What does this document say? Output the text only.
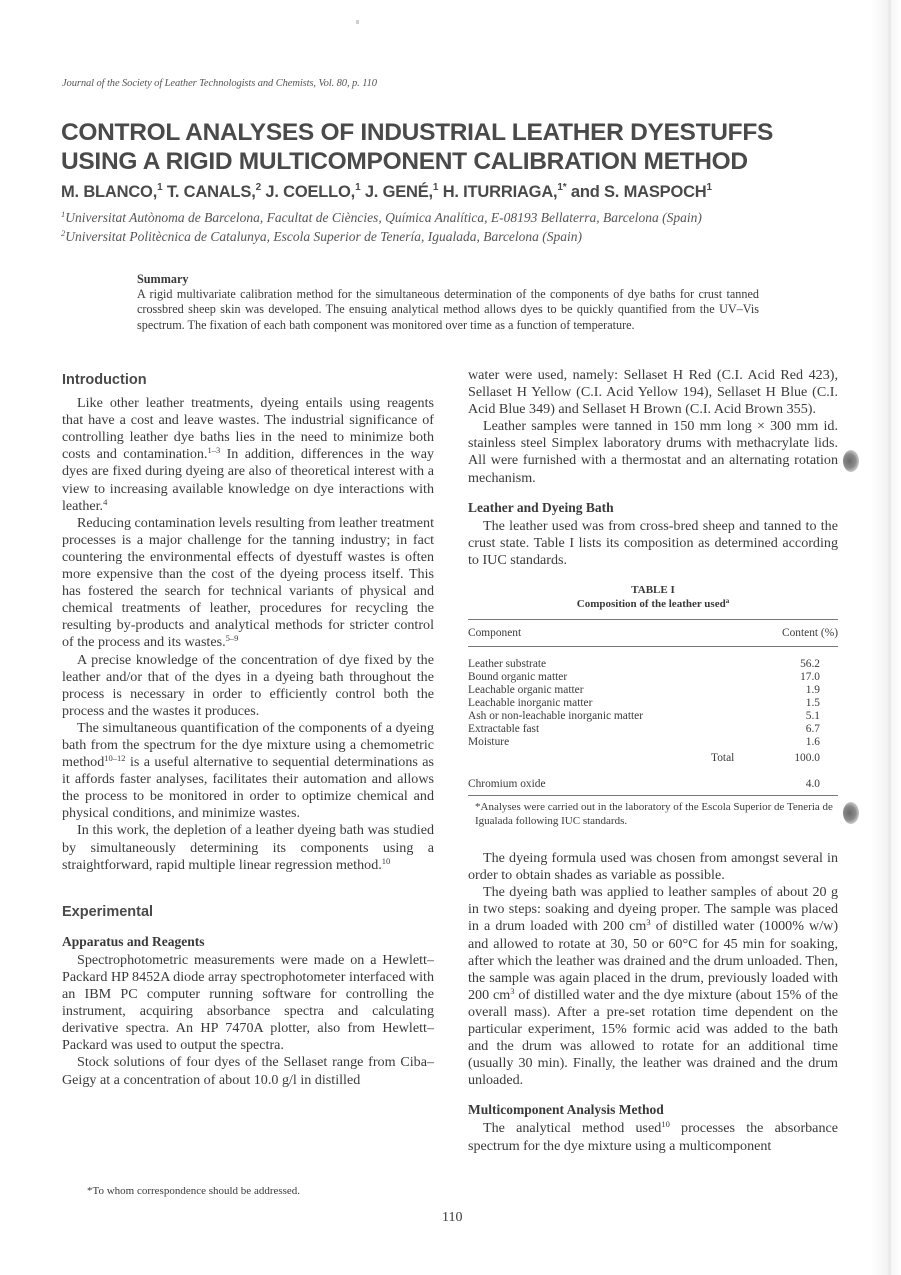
Journal of the Society of Leather Technologists and Chemists, Vol. 80, p. 110
CONTROL ANALYSES OF INDUSTRIAL LEATHER DYESTUFFS
USING A RIGID MULTICOMPONENT CALIBRATION METHOD
M. BLANCO,$^1$ T. CANALS,$^2$ J. COELLO,$^1$ J. GENÉ,$^1$ H. ITURRIAGA,$^{1*}$ and S. MASPOCH$^1$
$^1$Universitat Autònoma de Barcelona, Facultat de Ciències, Química Analítica, E-08193 Bellaterra, Barcelona (Spain)
$^2$Universitat Politècnica de Catalunya, Escola Superior de Tenería, Igualada, Barcelona (Spain)
Summary
A rigid multivariate calibration method for the simultaneous determination of the components of dye baths for crust tanned crossbred sheep skin was developed. The ensuing analytical method allows dyes to be quickly quantified from the UV–Vis spectrum. The fixation of each bath component was monitored over time as a function of temperature.
Introduction

Like other leather treatments, dyeing entails using reagents that have a cost and leave wastes. The industrial significance of controlling leather dye baths lies in the need to minimize both costs and contamination.$^{1-3}$ In addition, differences in the way dyes are fixed during dyeing are also of theoretical interest with a view to increasing available knowledge on dye interactions with leather.$^4$

Reducing contamination levels resulting from leather treatment processes is a major challenge for the tanning industry; in fact countering the environmental effects of dyestuff wastes is often more expensive than the cost of the dyeing process itself. This has fostered the search for technical variants of physical and chemical treatments of leather, procedures for recycling the resulting by-products and analytical methods for stricter control of the process and its wastes.$^{5-9}$

A precise knowledge of the concentration of dye fixed by the leather and/or that of the dyes in a dyeing bath throughout the process is necessary in order to efficiently control both the process and the wastes it produces.

The simultaneous quantification of the components of a dyeing bath from the spectrum for the dye mixture using a chemometric method$^{10-12}$ is a useful alternative to sequential determinations as it affords faster analyses, facilitates their automation and allows the process to be monitored in order to optimize chemical and physical conditions, and minimize wastes.

In this work, the depletion of a leather dyeing bath was studied by simultaneously determining its components using a straightforward, rapid multiple linear regression method.$^{10}$

Experimental
Apparatus and Reagents

Spectrophotometric measurements were made on a Hewlett–Packard HP 8452A diode array spectrophotometer interfaced with an IBM PC computer running software for controlling the instrument, acquiring absorbance spectra and calculating derivative spectra. An HP 7470A plotter, also from Hewlett–Packard was used to output the spectra.

Stock solutions of four dyes of the Sellaset range from Ciba–Geigy at a concentration of about 10.0 g/l in distilled

water were used, namely: Sellaset H Red (C.I. Acid Red 423), Sellaset H Yellow (C.I. Acid Yellow 194), Sellaset H Blue (C.I. Acid Blue 349) and Sellaset H Brown (C.I. Acid Brown 355).

Leather samples were tanned in 150 mm long × 300 mm id. stainless steel Simplex laboratory drums with methacrylate lids. All were furnished with a thermostat and an alternating rotation mechanism.

Leather and Dyeing Bath

The leather used was from cross-bred sheep and tanned to the crust state. Table I lists its composition as determined according to IUC standards.

TABLE I
Composition of the leather used$^a$
Component	Content (%)
Leather substrate	56.2
Bound organic matter	17.0
Leachable organic matter	1.9
Leachable inorganic matter	1.5
Ash or non-leachable inorganic matter	5.1
Extractable fast	6.7
Moisture	1.6
Total	100.0
Chromium oxide	4.0

*Analyses were carried out in the laboratory of the Escola Superior de Teneria de Igualada following IUC standards.

The dyeing formula used was chosen from amongst several in order to obtain shades as variable as possible.

The dyeing bath was applied to leather samples of about 20 g in two steps: soaking and dyeing proper. The sample was placed in a drum loaded with 200 $cm^3$ of distilled water (1000% w/w) and allowed to rotate at 30, 50 or 60°C for 45 min for soaking, after which the leather was drained and the drum unloaded. Then, the sample was again placed in the drum, previously loaded with 200 $cm^3$ of distilled water and the dye mixture (about 15% of the overall mass). After a pre-set rotation time dependent on the particular experiment, 15% formic acid was added to the bath and the drum was allowed to rotate for an additional time (usually 30 min). Finally, the leather was drained and the drum unloaded.

Multicomponent Analysis Method

The analytical method used$^{10}$ processes the absorbance spectrum for the dye mixture using a multicomponent

*To whom correspondence should be addressed.
110
